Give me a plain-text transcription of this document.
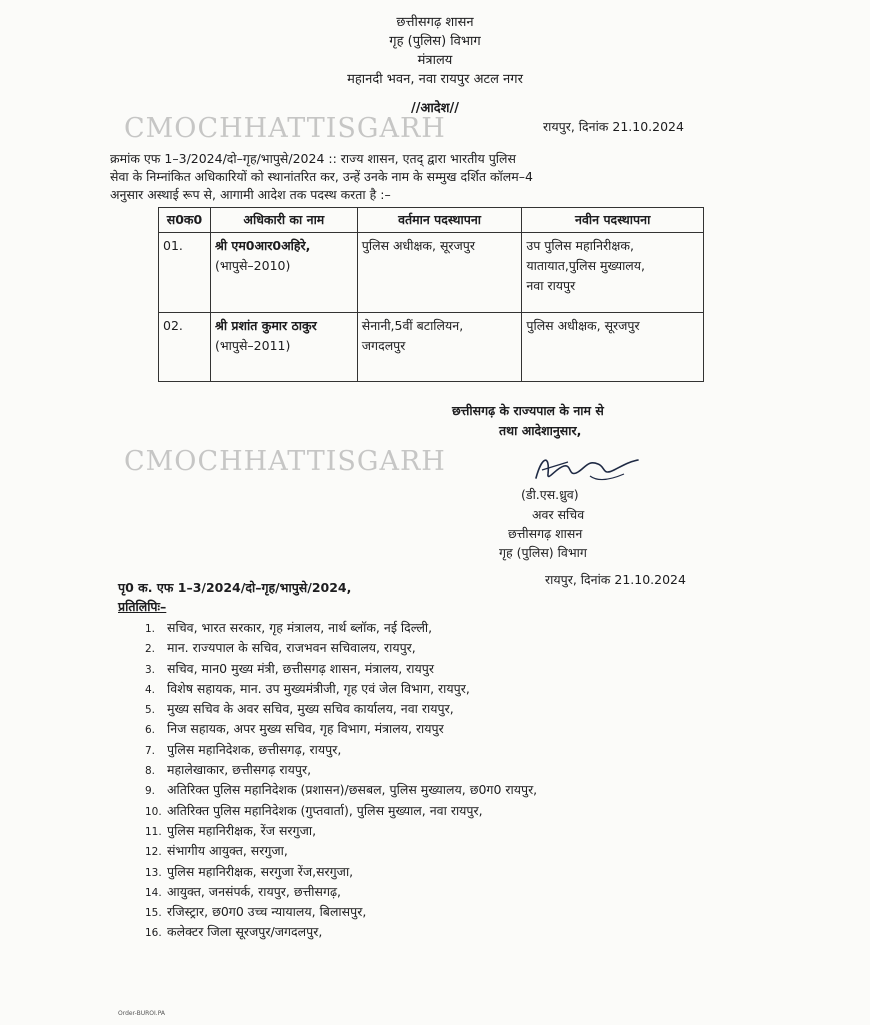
छत्तीसगढ़ शासन
गृह (पुलिस) विभाग
मंत्रालय
महानदी भवन, नवा रायपुर अटल नगर
//आदेश//
CMOCHHATTISGARH	रायपुर, दिनांक 21.10.2024
क्रमांक एफ 1–3/2024/दो–गृह/भापुसे/2024 :: राज्य शासन, एतद् द्वारा भारतीय पुलिस
सेवा के निम्नांकित अधिकारियों को स्थानांतरित कर, उन्हें उनके नाम के सम्मुख दर्शित कॉलम–4
अनुसार अस्थाई रूप से, आगामी आदेश तक पदस्थ करता है :–
स0क0	अधिकारी का नाम	वर्तमान पदस्थापना	नवीन पदस्थापना

01.	श्री एम0आर0अहिरे,
(भापुसे–2010)	पुलिस अधीक्षक, सूरजपुर	उप पुलिस महानिरीक्षक,
यातायात,पुलिस मुख्यालय,
नवा रायपुर

02.	श्री प्रशांत कुमार ठाकुर
(भापुसे–2011)	सेनानी,5वीं बटालियन,
जगदलपुर	पुलिस अधीक्षक, सूरजपुर
छत्तीसगढ़ के राज्यपाल के नाम से
तथा आदेशानुसार,
CMOCHHATTISGARH
(डी.एस.ध्रुव)
अवर सचिव
छत्तीसगढ़ शासन
गृह (पुलिस) विभाग
पृ0 क. एफ 1–3/2024/दो–गृह/भापुसे/2024,
रायपुर, दिनांक 21.10.2024
प्रतिलिपिः–
1. सचिव, भारत सरकार, गृह मंत्रालय, नार्थ ब्लॉक, नई दिल्ली,
2. मान. राज्यपाल के सचिव, राजभवन सचिवालय, रायपुर,
3. सचिव, मान0 मुख्य मंत्री, छत्तीसगढ़ शासन, मंत्रालय, रायपुर
4. विशेष सहायक, मान. उप मुख्यमंत्रीजी, गृह एवं जेल विभाग, रायपुर,
5. मुख्य सचिव के अवर सचिव, मुख्य सचिव कार्यालय, नवा रायपुर,
6. निज सहायक, अपर मुख्य सचिव, गृह विभाग, मंत्रालय, रायपुर
7. पुलिस महानिदेशक, छत्तीसगढ़, रायपुर,
8. महालेखाकार, छत्तीसगढ़ रायपुर,
9. अतिरिक्त पुलिस महानिदेशक (प्रशासन)/छसबल, पुलिस मुख्यालय, छ0ग0 रायपुर,
10. अतिरिक्त पुलिस महानिदेशक (गुप्तवार्ता), पुलिस मुख्याल, नवा रायपुर,
11. पुलिस महानिरीक्षक, रेंज सरगुजा,
12. संभागीय आयुक्त, सरगुजा,
13. पुलिस महानिरीक्षक, सरगुजा रेंज,सरगुजा,
14. आयुक्त, जनसंपर्क, रायपुर, छत्तीसगढ़,
15. रजिस्ट्रार, छ0ग0 उच्च न्यायालय, बिलासपुर,
16. कलेक्टर जिला सूरजपुर/जगदलपुर,
Order-BUROI.PA
